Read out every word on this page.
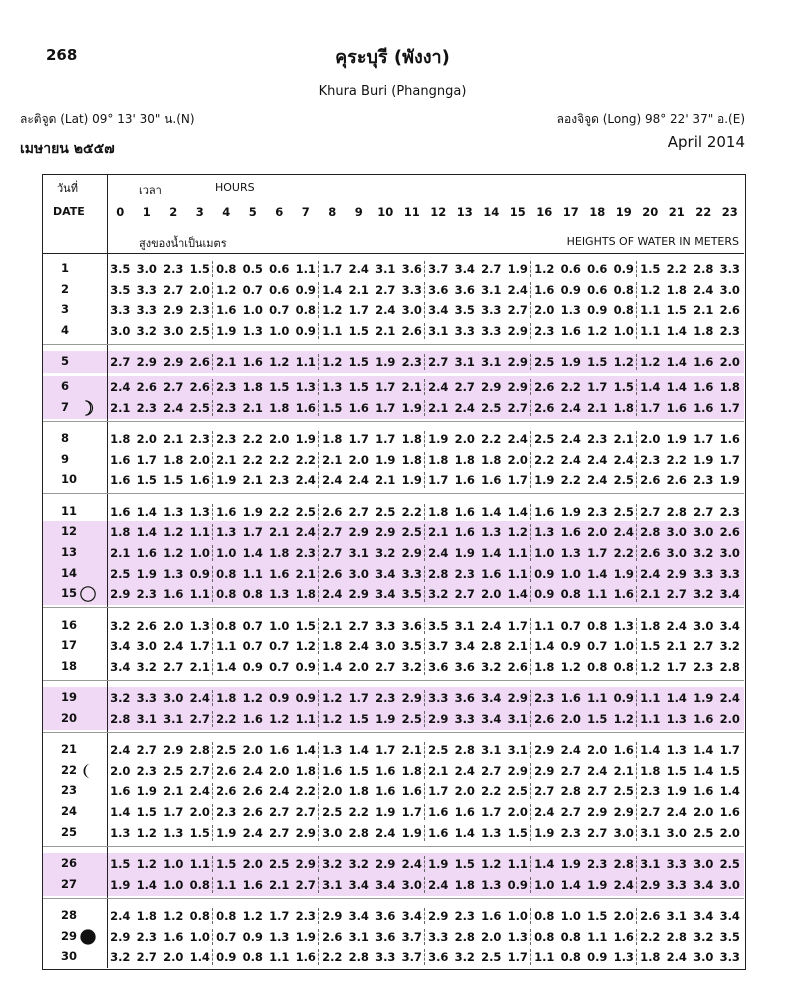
268	คุระบุรี (พังงา)
Khura Buri (Phangnga)
ละติจูด (Lat) 09° 13' 30" น.(N)	ลองจิจูด (Long) 98° 22' 37" อ.(E)
เมษายน ๒๕๕๗	April 2014
วันที่
DATE
เวลา	HOURS
สูงของน้ำเป็นเมตร	HEIGHTS OF WATER IN METERS
0	1	2	3	4	5	6	7	8	9	10 11 12 13 14 15 16 17 18 19 20 21 22 23
1	3.5 3.0 2.3 1.5 0.8 0.5 0.6 1.1 1.7 2.4 3.1 3.6 3.7 3.4 2.7 1.9 1.2 0.6 0.6 0.9 1.5 2.2 2.8 3.3
2	3.5 3.3 2.7 2.0 1.2 0.7 0.6 0.9 1.4 2.1 2.7 3.3 3.6 3.6 3.1 2.4 1.6 0.9 0.6 0.8 1.2 1.8 2.4 3.0
3	3.3 3.3 2.9 2.3 1.6 1.0 0.7 0.8 1.2 1.7 2.4 3.0 3.4 3.5 3.3 2.7 2.0 1.3 0.9 0.8 1.1 1.5 2.1 2.6
4	3.0 3.2 3.0 2.5 1.9 1.3 1.0 0.9 1.1 1.5 2.1 2.6 3.1 3.3 3.3 2.9 2.3 1.6 1.2 1.0 1.1 1.4 1.8 2.3
5	2.7 2.9 2.9 2.6 2.1 1.6 1.2 1.1 1.2 1.5 1.9 2.3 2.7 3.1 3.1 2.9 2.5 1.9 1.5 1.2 1.2 1.4 1.6 2.0
6	2.4 2.6 2.7 2.6 2.3 1.8 1.5 1.3 1.3 1.5 1.7 2.1 2.4 2.7 2.9 2.9 2.6 2.2 1.7 1.5 1.4 1.4 1.6 1.8
7	2.1 2.3 2.4 2.5 2.3 2.1 1.8 1.6 1.5 1.6 1.7 1.9 2.1 2.4 2.5 2.7 2.6 2.4 2.1 1.8 1.7 1.6 1.6 1.7
8	1.8 2.0 2.1 2.3 2.3 2.2 2.0 1.9 1.8 1.7 1.7 1.8 1.9 2.0 2.2 2.4 2.5 2.4 2.3 2.1 2.0 1.9 1.7 1.6
9	1.6 1.7 1.8 2.0 2.1 2.2 2.2 2.2 2.1 2.0 1.9 1.8 1.8 1.8 1.8 2.0 2.2 2.4 2.4 2.4 2.3 2.2 1.9 1.7
10	1.6 1.5 1.5 1.6 1.9 2.1 2.3 2.4 2.4 2.4 2.1 1.9 1.7 1.6 1.6 1.7 1.9 2.2 2.4 2.5 2.6 2.6 2.3 1.9
11	1.6 1.4 1.3 1.3 1.6 1.9 2.2 2.5 2.6 2.7 2.5 2.2 1.8 1.6 1.4 1.4 1.6 1.9 2.3 2.5 2.7 2.8 2.7 2.3
12	1.8 1.4 1.2 1.1 1.3 1.7 2.1 2.4 2.7 2.9 2.9 2.5 2.1 1.6 1.3 1.2 1.3 1.6 2.0 2.4 2.8 3.0 3.0 2.6
13	2.1 1.6 1.2 1.0 1.0 1.4 1.8 2.3 2.7 3.1 3.2 2.9 2.4 1.9 1.4 1.1 1.0 1.3 1.7 2.2 2.6 3.0 3.2 3.0
14	2.5 1.9 1.3 0.9 0.8 1.1 1.6 2.1 2.6 3.0 3.4 3.3 2.8 2.3 1.6 1.1 0.9 1.0 1.4 1.9 2.4 2.9 3.3 3.3
15	2.9 2.3 1.6 1.1 0.8 0.8 1.3 1.8 2.4 2.9 3.4 3.5 3.2 2.7 2.0 1.4 0.9 0.8 1.1 1.6 2.1 2.7 3.2 3.4
16	3.2 2.6 2.0 1.3 0.8 0.7 1.0 1.5 2.1 2.7 3.3 3.6 3.5 3.1 2.4 1.7 1.1 0.7 0.8 1.3 1.8 2.4 3.0 3.4
17	3.4 3.0 2.4 1.7 1.1 0.7 0.7 1.2 1.8 2.4 3.0 3.5 3.7 3.4 2.8 2.1 1.4 0.9 0.7 1.0 1.5 2.1 2.7 3.2
18	3.4 3.2 2.7 2.1 1.4 0.9 0.7 0.9 1.4 2.0 2.7 3.2 3.6 3.6 3.2 2.6 1.8 1.2 0.8 0.8 1.2 1.7 2.3 2.8
19	3.2 3.3 3.0 2.4 1.8 1.2 0.9 0.9 1.2 1.7 2.3 2.9 3.3 3.6 3.4 2.9 2.3 1.6 1.1 0.9 1.1 1.4 1.9 2.4
20	2.8 3.1 3.1 2.7 2.2 1.6 1.2 1.1 1.2 1.5 1.9 2.5 2.9 3.3 3.4 3.1 2.6 2.0 1.5 1.2 1.1 1.3 1.6 2.0
21	2.4 2.7 2.9 2.8 2.5 2.0 1.6 1.4 1.3 1.4 1.7 2.1 2.5 2.8 3.1 3.1 2.9 2.4 2.0 1.6 1.4 1.3 1.4 1.7
22	2.0 2.3 2.5 2.7 2.6 2.4 2.0 1.8 1.6 1.5 1.6 1.8 2.1 2.4 2.7 2.9 2.9 2.7 2.4 2.1 1.8 1.5 1.4 1.5
23	1.6 1.9 2.1 2.4 2.6 2.6 2.4 2.2 2.0 1.8 1.6 1.6 1.7 2.0 2.2 2.5 2.7 2.8 2.7 2.5 2.3 1.9 1.6 1.4
24	1.4 1.5 1.7 2.0 2.3 2.6 2.7 2.7 2.5 2.2 1.9 1.7 1.6 1.6 1.7 2.0 2.4 2.7 2.9 2.9 2.7 2.4 2.0 1.6
25	1.3 1.2 1.3 1.5 1.9 2.4 2.7 2.9 3.0 2.8 2.4 1.9 1.6 1.4 1.3 1.5 1.9 2.3 2.7 3.0 3.1 3.0 2.5 2.0
26	1.5 1.2 1.0 1.1 1.5 2.0 2.5 2.9 3.2 3.2 2.9 2.4 1.9 1.5 1.2 1.1 1.4 1.9 2.3 2.8 3.1 3.3 3.0 2.5
27	1.9 1.4 1.0 0.8 1.1 1.6 2.1 2.7 3.1 3.4 3.4 3.0 2.4 1.8 1.3 0.9 1.0 1.4 1.9 2.4 2.9 3.3 3.4 3.0
28	2.4 1.8 1.2 0.8 0.8 1.2 1.7 2.3 2.9 3.4 3.6 3.4 2.9 2.3 1.6 1.0 0.8 1.0 1.5 2.0 2.6 3.1 3.4 3.4
29	2.9 2.3 1.6 1.0 0.7 0.9 1.3 1.9 2.6 3.1 3.6 3.7 3.3 2.8 2.0 1.3 0.8 0.8 1.1 1.6 2.2 2.8 3.2 3.5
30	3.2 2.7 2.0 1.4 0.9 0.8 1.1 1.6 2.2 2.8 3.3 3.7 3.6 3.2 2.5 1.7 1.1 0.8 0.9 1.3 1.8 2.4 3.0 3.3
